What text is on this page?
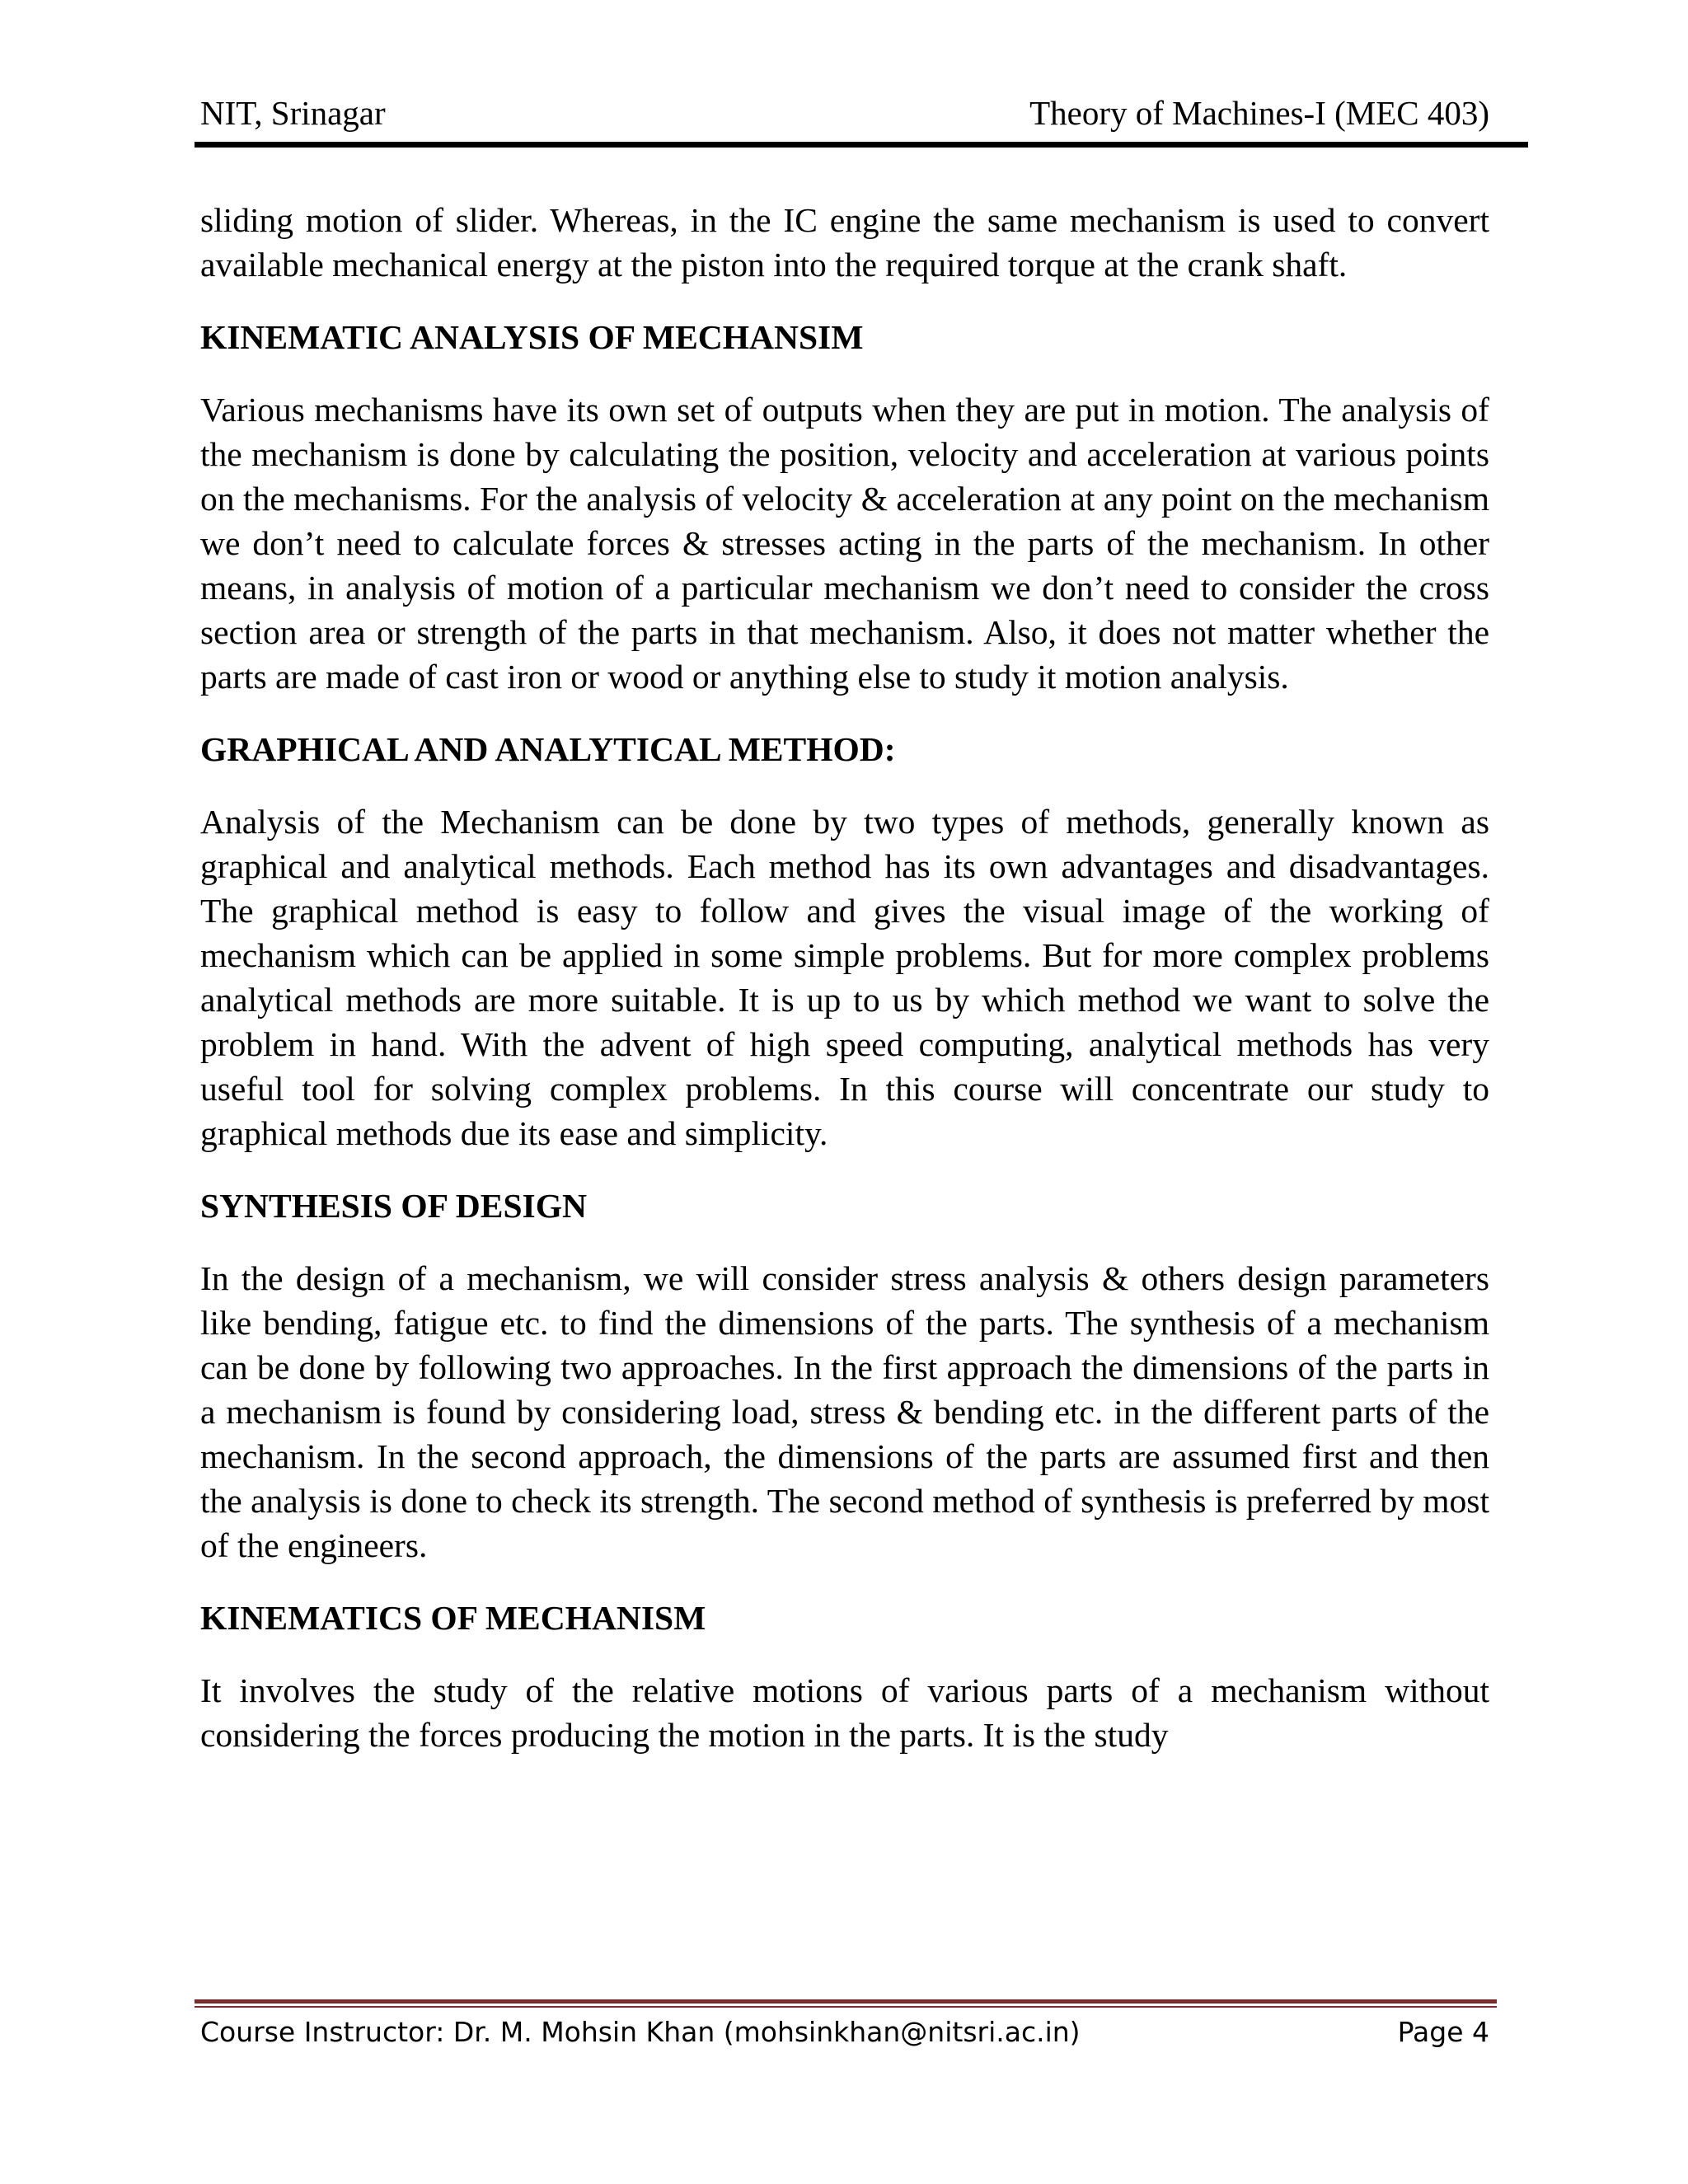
NIT, Srinagar	Theory of Machines-I (MEC 403)

sliding motion of slider. Whereas, in the IC engine the same mechanism is used to convert available mechanical energy at the piston into the required torque at the crank shaft.

KINEMATIC ANALYSIS OF MECHANSIM

Various mechanisms have its own set of outputs when they are put in motion. The analysis of the mechanism is done by calculating the position, velocity and acceleration at various points on the mechanisms. For the analysis of velocity & acceleration at any point on the mechanism we don’t need to calculate forces & stresses acting in the parts of the mechanism. In other means, in analysis of motion of a particular mechanism we don’t need to consider the cross section area or strength of the parts in that mechanism. Also, it does not matter whether the parts are made of cast iron or wood or anything else to study it motion analysis.

GRAPHICAL AND ANALYTICAL METHOD:

Analysis of the Mechanism can be done by two types of methods, generally known as graphical and analytical methods. Each method has its own advantages and disadvantages. The graphical method is easy to follow and gives the visual image of the working of mechanism which can be applied in some simple problems. But for more complex problems analytical methods are more suitable. It is up to us by which method we want to solve the problem in hand. With the advent of high speed computing, analytical methods has very useful tool for solving complex problems. In this course will concentrate our study to graphical methods due its ease and simplicity.

SYNTHESIS OF DESIGN

In the design of a mechanism, we will consider stress analysis & others design parameters like bending, fatigue etc. to find the dimensions of the parts. The synthesis of a mechanism can be done by following two approaches. In the first approach the dimensions of the parts in a mechanism is found by considering load, stress & bending etc. in the different parts of the mechanism. In the second approach, the dimensions of the parts are assumed first and then the analysis is done to check its strength. The second method of synthesis is preferred by most of the engineers.

KINEMATICS OF MECHANISM

It involves the study of the relative motions of various parts of a mechanism without considering the forces producing the motion in the parts. It is the study

Course Instructor: Dr. M. Mohsin Khan (mohsinkhan@nitsri.ac.in)	Page 4
